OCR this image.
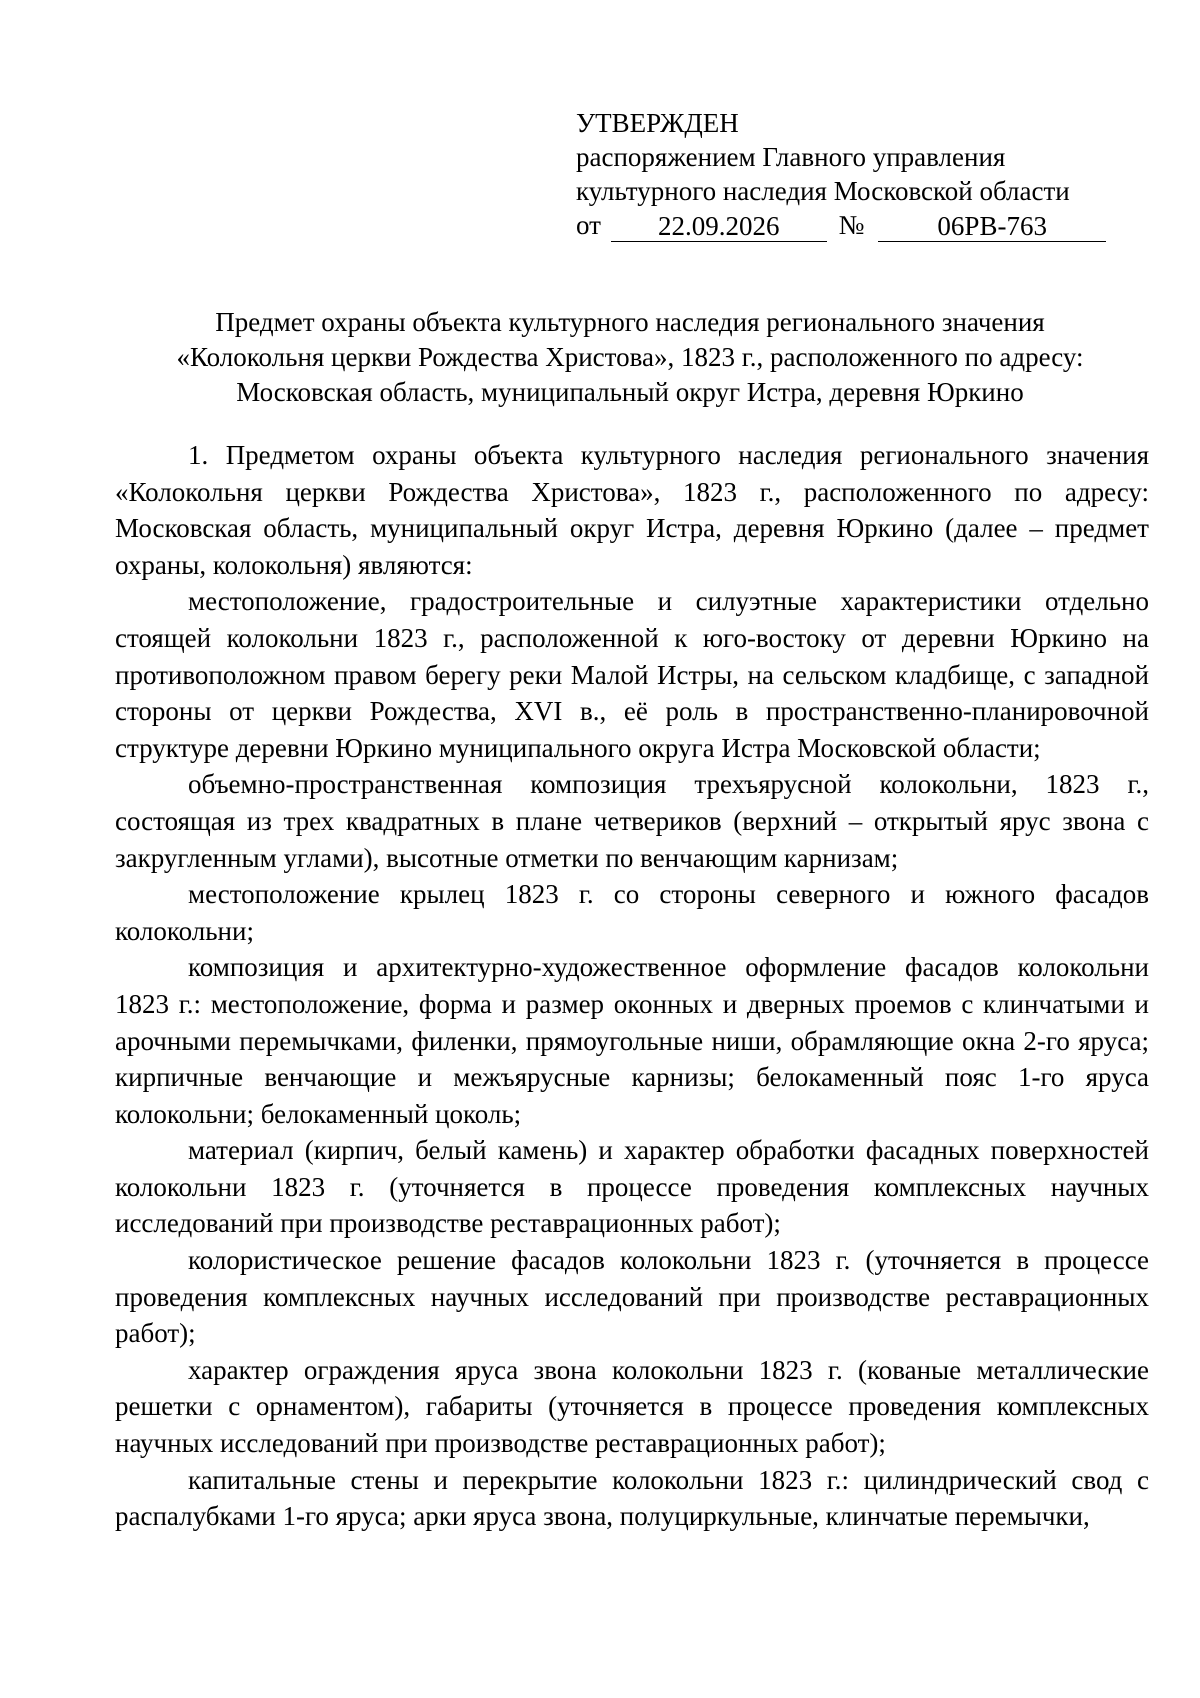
УТВЕРЖДЕН
распоряжением Главного управления
культурного наследия Московской области
от	22.09.2026	№	06РВ-763
Предмет охраны объекта культурного наследия регионального значения
«Колокольня церкви Рождества Христова», 1823 г., расположенного по адресу:
Московская область, муниципальный округ Истра, деревня Юркино

1. Предметом охраны объекта культурного наследия регионального значения «Колокольня церкви Рождества Христова», 1823 г., расположенного по адресу: Московская область, муниципальный округ Истра, деревня Юркино (далее – предмет охраны, колокольня) являются:

местоположение, градостроительные и силуэтные характеристики отдельно стоящей колокольни 1823 г., расположенной к юго-востоку от деревни Юркино на противоположном правом берегу реки Малой Истры, на сельском кладбище, с западной стороны от церкви Рождества, XVI в., её роль в пространственно-планировочной структуре деревни Юркино муниципального округа Истра Московской области;

объемно-пространственная композиция трехъярусной колокольни, 1823 г., состоящая из трех квадратных в плане четвериков (верхний – открытый ярус звона с закругленным углами), высотные отметки по венчающим карнизам;

местоположение крылец 1823 г. со стороны северного и южного фасадов колокольни;

композиция и архитектурно-художественное оформление фасадов колокольни 1823 г.: местоположение, форма и размер оконных и дверных проемов с клинчатыми и арочными перемычками, филенки, прямоугольные ниши, обрамляющие окна 2-го яруса; кирпичные венчающие и межъярусные карнизы; белокаменный пояс 1-го яруса колокольни; белокаменный цоколь;

материал (кирпич, белый камень) и характер обработки фасадных поверхностей колокольни 1823 г. (уточняется в процессе проведения комплексных научных исследований при производстве реставрационных работ);

колористическое решение фасадов колокольни 1823 г. (уточняется в процессе проведения комплексных научных исследований при производстве реставрационных работ);

характер ограждения яруса звона колокольни 1823 г. (кованые металлические решетки с орнаментом), габариты (уточняется в процессе проведения комплексных научных исследований при производстве реставрационных работ);

капитальные стены и перекрытие колокольни 1823 г.: цилиндрический свод с распалубками 1-го яруса; арки яруса звона, полуциркульные, клинчатые перемычки,
